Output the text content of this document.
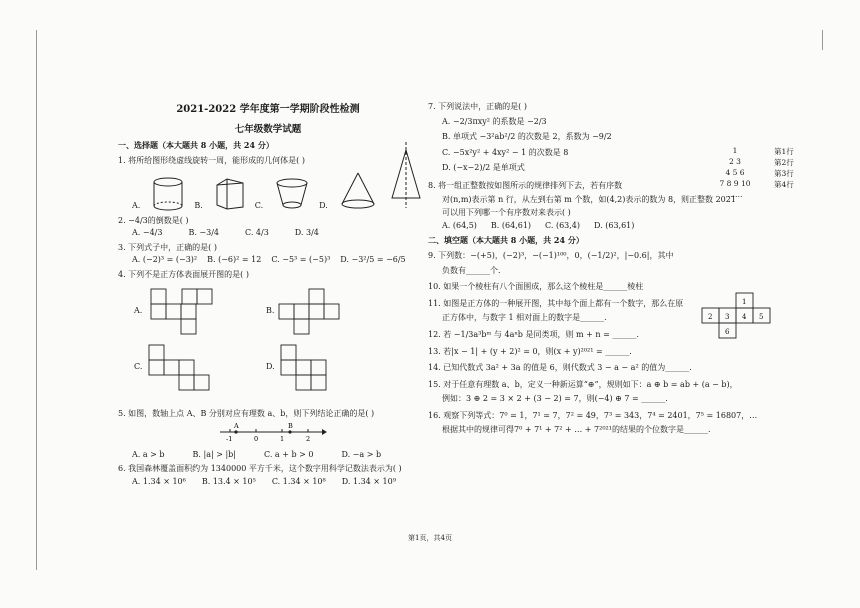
2021-2022 学年度第一学期阶段性检测
七年级数学试题
一、选择题（本大题共 8 小题，共 24 分）
1. 将所给图形绕虚线旋转一周，能形成的几何体是( )
A.	B.	C.	D.
2. −4/3的倒数是( )
A. −4/3	B. −3/4	C. 4/3	D. 3/4
3. 下列式子中，正确的是( )
A. (−2)³ = (−3)² B. (−6)² = 12 C. −5³ = (−5)³ D. −3²/5 = −6/5
4. 下列不是正方体表面展开图的是( )
A.	B.
C.	D.
5. 如图，数轴上点 A、B 分别对应有理数 a、b，则下列结论正确的是( )
A	B
-1	0	1	2
A. a > b	B. |a| > |b|	C. a + b > 0	D. −a > b
6. 我国森林覆盖面积约为 1340000 平方千米，这个数字用科学记数法表示为( )
A. 1.34 × 10⁶ B. 13.4 × 10⁵ C. 1.34 × 10⁸ D. 1.34 × 10⁹
7. 下列说法中，正确的是( )
A. −2/3πxy² 的系数是 −2/3
B. 单项式 −3²ab²/2 的次数是 2，系数为 −9/2
C. −5x²y² + 4xy² − 1 的次数是 8
D. (−x−2)/2 是单项式
8. 将一组正整数按如图所示的规律排列下去，若有序数
对(n,m)表示第 n 行，从左到右第 m 个数，如(4,2)表示的数为 8，则正整数 2021
可以用下列哪一个有序数对来表示( )
A. (64,5) B. (64,61) C. (63,4) D. (63,61)
二、填空题（本大题共 8 小题，共 24 分）
9. 下列数：−(+5)，(−2)³，−(−1)¹⁰⁰，0，(−1/2)²，|−0.6|，其中
负数有______个.
10. 如果一个棱柱有八个面围成，那么这个棱柱是______棱柱
11. 如图是正方体的一种展开图，其中每个面上都有一个数字，那么在原
正方体中，与数字 1 相对面上的数字是______.
12. 若 −1/3a³bᵐ 与 4aⁿb 是同类项，则 m + n = ______.
13. 若|x − 1| + (y + 2)² = 0，则(x + y)²⁰²¹ = ______.
14. 已知代数式 3a² + 3a 的值是 6，则代数式 3 − a − a² 的值为______.
15. 对于任意有理数 a、b，定义一种新运算“⊕”，规则如下：a ⊕ b = ab + (a − b)，
例如：3 ⊕ 2 = 3 × 2 + (3 − 2) = 7，则(−4) ⊕ 7 = ______.
16. 观察下列等式：7⁰ = 1，7¹ = 7，7² = 49，7³ = 343，7⁴ = 2401，7⁵ = 16807，…
根据其中的规律可得7⁰ + 7¹ + 7² + … + 7²⁰²¹的结果的个位数字是______.
1	第1行
2 3	第2行
4 5 6	第3行
7 8 9 10	第4行
……
1
2 3 4 5
6
第1页，共4页
